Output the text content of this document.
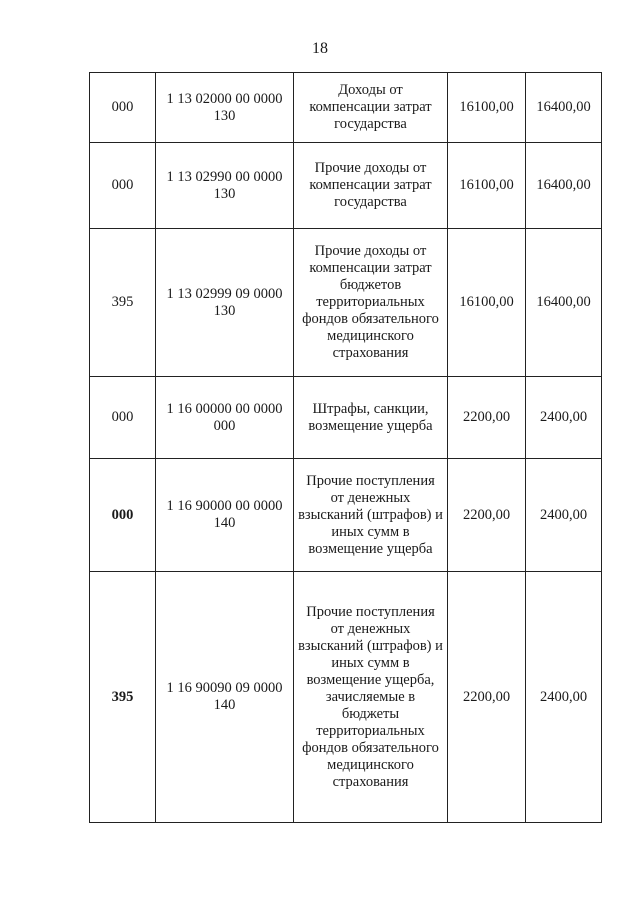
18
000	1 13 02000 00 0000 130	Доходы от компенсации затрат государства	16100,00	16400,00
000	1 13 02990 00 0000 130	Прочие доходы от компенсации затрат государства	16100,00	16400,00
395	1 13 02999 09 0000 130	Прочие доходы от компенсации затрат бюджетов территориальных фондов обязательного медицинского страхования	16100,00	16400,00
000	1 16 00000 00 0000 000	Штрафы, санкции, возмещение ущерба	2200,00	2400,00
000	1 16 90000 00 0000 140	Прочие поступления от денежных взысканий (штрафов) и иных сумм в возмещение ущерба	2200,00	2400,00
395	1 16 90090 09 0000 140	Прочие поступления от денежных взысканий (штрафов) и иных сумм в возмещение ущерба, зачисляемые в бюджеты территориальных фондов обязательного медицинского страхования	2200,00	2400,00
